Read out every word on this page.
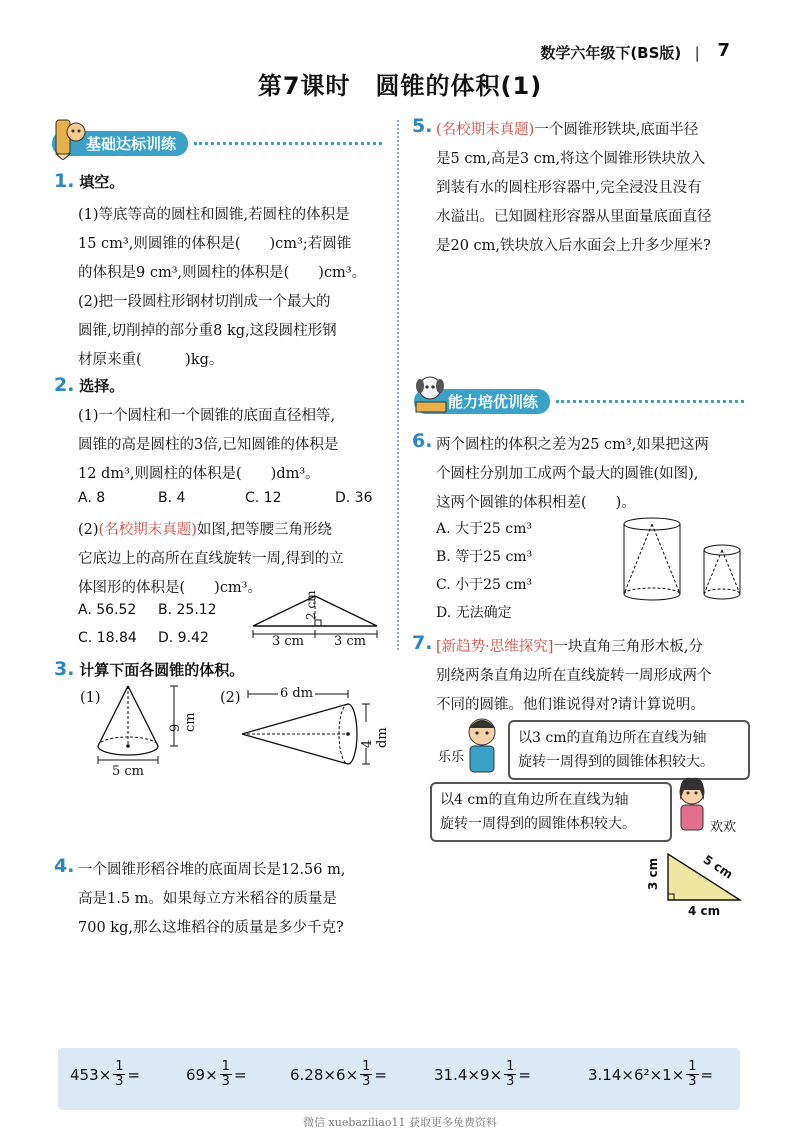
数学六年级下(BS版) | 7
第7课时　圆锥的体积(1)
基础达标训练
1. 填空。
(1)等底等高的圆柱和圆锥,若圆柱的体积是
15 cm³,则圆锥的体积是(　　)cm³;若圆锥
的体积是9 cm³,则圆柱的体积是(　　)cm³。
(2)把一段圆柱形钢材切削成一个最大的
圆锥,切削掉的部分重8 kg,这段圆柱形钢
材原来重(　　　)kg。
2. 选择。
(1)一个圆柱和一个圆锥的底面直径相等,
圆锥的高是圆柱的3倍,已知圆锥的体积是
12 dm³,则圆柱的体积是(　　)dm³。
A. 8	B. 4	C. 12	D. 36
(2)(名校期末真题)如图,把等腰三角形绕
它底边上的高所在直线旋转一周,得到的立
体图形的体积是(　　)cm³。
A. 56.52 B. 25.12
C. 18.84 D. 9.42
2 cm
3 cm 3 cm
3. 计算下面各圆锥的体积。
(1)
9 cm
5 cm
(2)	6 dm
4 dm
4. 一个圆锥形稻谷堆的底面周长是12.56 m,
高是1.5 m。如果每立方米稻谷的质量是
700 kg,那么这堆稻谷的质量是多少千克?
5. (名校期末真题)一个圆锥形铁块,底面半径
是5 cm,高是3 cm,将这个圆锥形铁块放入
到装有水的圆柱形容器中,完全浸没且没有
水溢出。已知圆柱形容器从里面量底面直径
是20 cm,铁块放入后水面会上升多少厘米?
能力培优训练
6. 两个圆柱的体积之差为25 cm³,如果把这两
个圆柱分别加工成两个最大的圆锥(如图),
这两个圆锥的体积相差(　　)。
A. 大于25 cm³
B. 等于25 cm³
C. 小于25 cm³
D. 无法确定
7. [新趋势·思维探究]一块直角三角形木板,分
别绕两条直角边所在直线旋转一周形成两个
不同的圆锥。他们谁说得对?请计算说明。
乐乐
以3 cm的直角边所在直线为轴
旋转一周得到的圆锥体积较大。
以4 cm的直角边所在直线为轴
旋转一周得到的圆锥体积较大。	欢欢
3 cm	5 cm
4 cm
$453\times \frac{1}{3}$ =	$69\times \frac{1}{3}$ =	$6.28\times 6\times \frac{1}{3}$ =	$31.4\times 9\times \frac{1}{3}$ =	$3.14\times 6^2\times 1\times \frac{1}{3}$ =
微信 xuebaziliao11 获取更多免费资料
